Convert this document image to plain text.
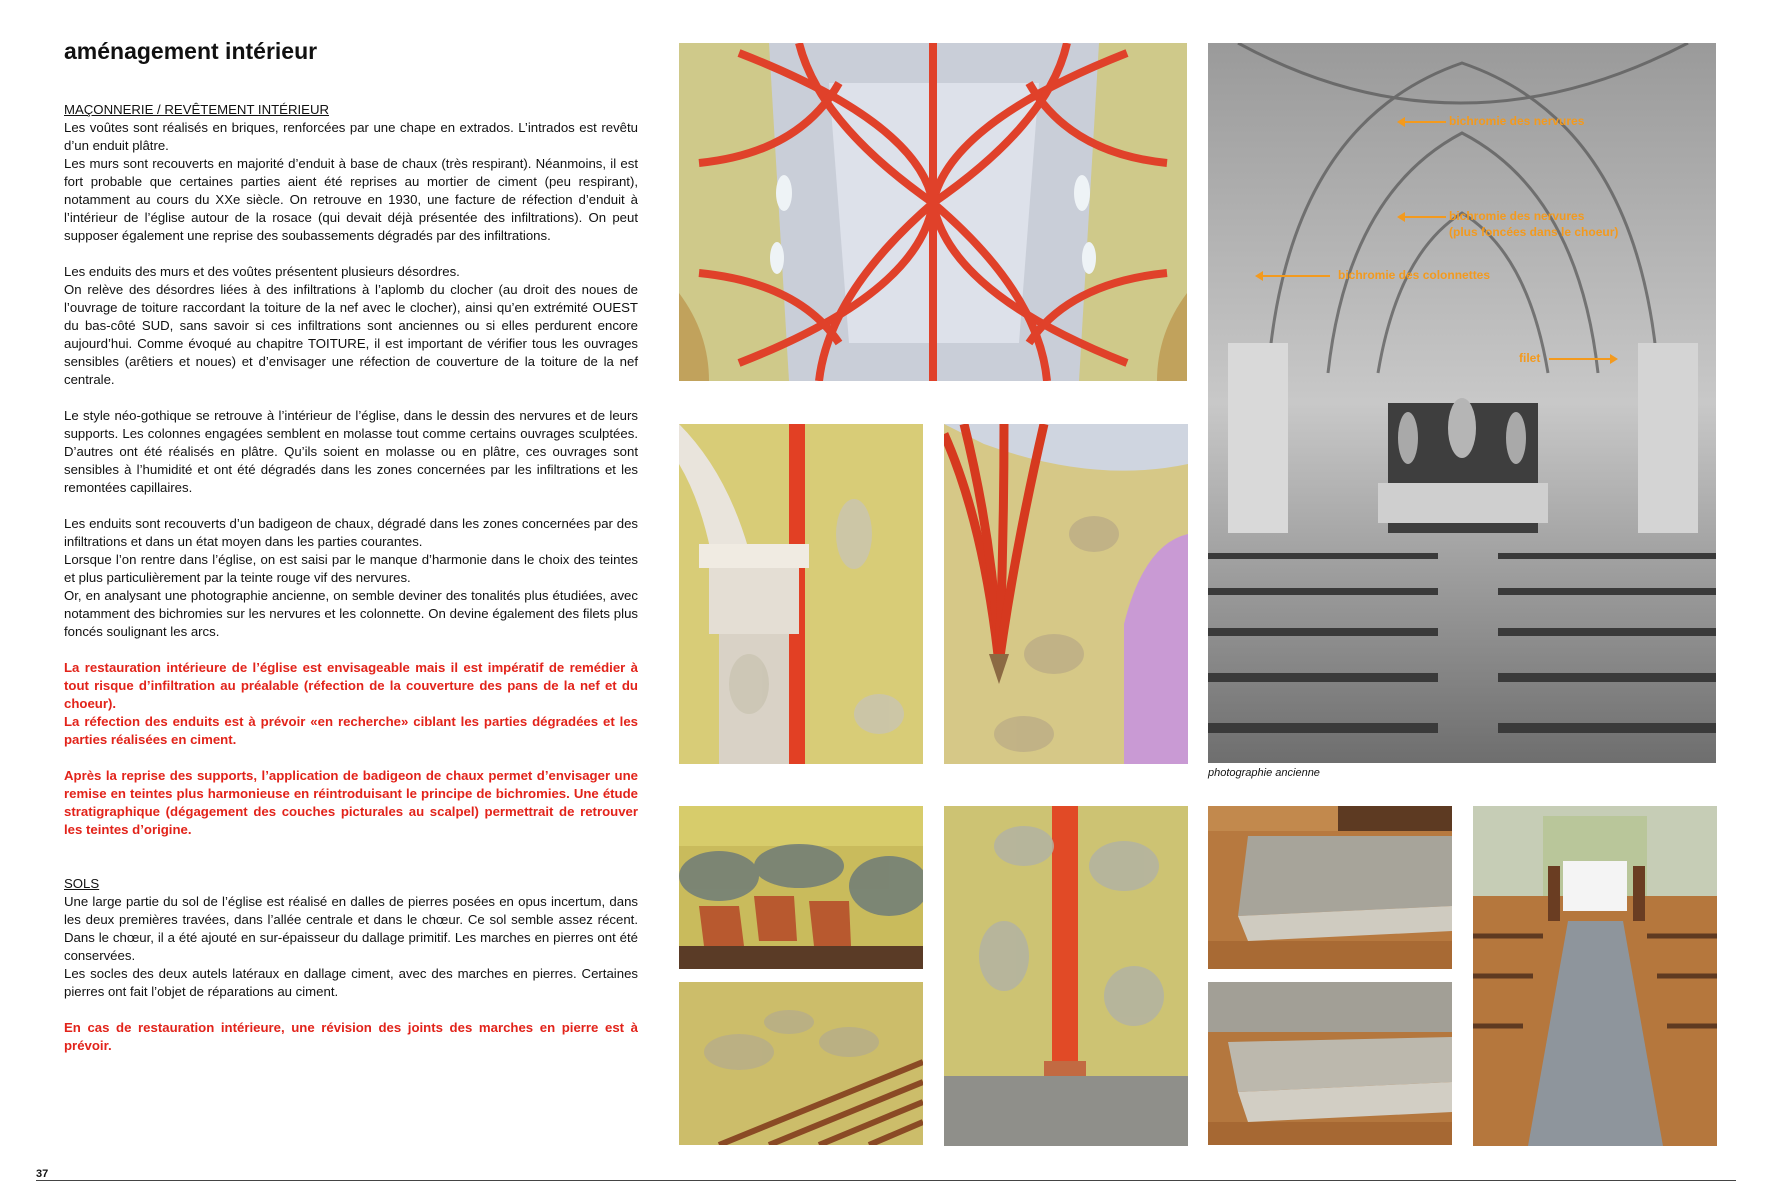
aménagement intérieur

MAÇONNERIE / REVÊTEMENT INTÉRIEUR

Les voûtes sont réalisés en briques, renforcées par une chape en extrados. L’intrados est revêtu d’un enduit plâtre.

Les murs sont recouverts en majorité d’enduit à base de chaux (très respirant). Néanmoins, il est fort probable que certaines parties aient été reprises au mortier de ciment (peu respirant), notamment au cours du XXe siècle. On retrouve en 1930, une facture de réfection d’enduit à l’intérieur de l’église autour de la rosace (qui devait déjà présentée des infiltrations). On peut supposer également une reprise des soubassements dégradés par des infiltrations.

Les enduits des murs et des voûtes présentent plusieurs désordres.

On relève des désordres liées à des infiltrations à l’aplomb du clocher (au droit des noues de l’ouvrage de toiture raccordant la toiture de la nef avec le clocher), ainsi qu’en extrémité OUEST du bas-côté SUD, sans savoir si ces infiltrations sont anciennes ou si elles perdurent encore aujourd’hui. Comme évoqué au chapitre TOITURE, il est important de vérifier tous les ouvrages sensibles (arêtiers et noues) et d’envisager une réfection de couverture de la toiture de la nef centrale.

Le style néo-gothique se retrouve à l’intérieur de l’église, dans le dessin des nervures et de leurs supports. Les colonnes engagées semblent en molasse tout comme certains ouvrages sculptées. D’autres ont été réalisés en plâtre. Qu’ils soient en molasse ou en plâtre, ces ouvrages sont sensibles à l’humidité et ont été dégradés dans les zones concernées par les infiltrations et les remontées capillaires.

Les enduits sont recouverts d’un badigeon de chaux, dégradé dans les zones concernées par des infiltrations et dans un état moyen dans les parties courantes.

Lorsque l’on rentre dans l’église, on est saisi par le manque d’harmonie dans le choix des teintes et plus particulièrement par la teinte rouge vif des nervures.

Or, en analysant une photographie ancienne, on semble deviner des tonalités plus étudiées, avec notamment des bichromies sur les nervures et les colonnette. On devine également des filets plus foncés soulignant les arcs.

La restauration intérieure de l’église est envisageable mais il est impératif de remédier à tout risque d’infiltration au préalable (réfection de la couverture des pans de la nef et du choeur).

La réfection des enduits est à prévoir «en recherche» ciblant les parties dégradées et les parties réalisées en ciment.

Après la reprise des supports, l’application de badigeon de chaux permet d’envisager une remise en teintes plus harmonieuse en réintroduisant le principe de bichromies. Une étude stratigraphique (dégagement des couches picturales au scalpel) permettrait de retrouver les teintes d’origine.

SOLS

Une large partie du sol de l’église est réalisé en dalles de pierres posées en opus incertum, dans les deux premières travées, dans l’allée centrale et dans le chœur. Ce sol semble assez récent. Dans le chœur, il a été ajouté en sur-épaisseur du dallage primitif. Les marches en pierres ont été conservées.

Les socles des deux autels latéraux en dallage ciment, avec des marches en pierres. Certaines pierres ont fait l’objet de réparations au ciment.

En cas de restauration intérieure, une révision des joints des marches en pierre est à prévoir.

bichromie des nervures
bichromie des nervures
(plus foncées dans le choeur)
bichromie des colonnettes
filet
photographie ancienne
37
